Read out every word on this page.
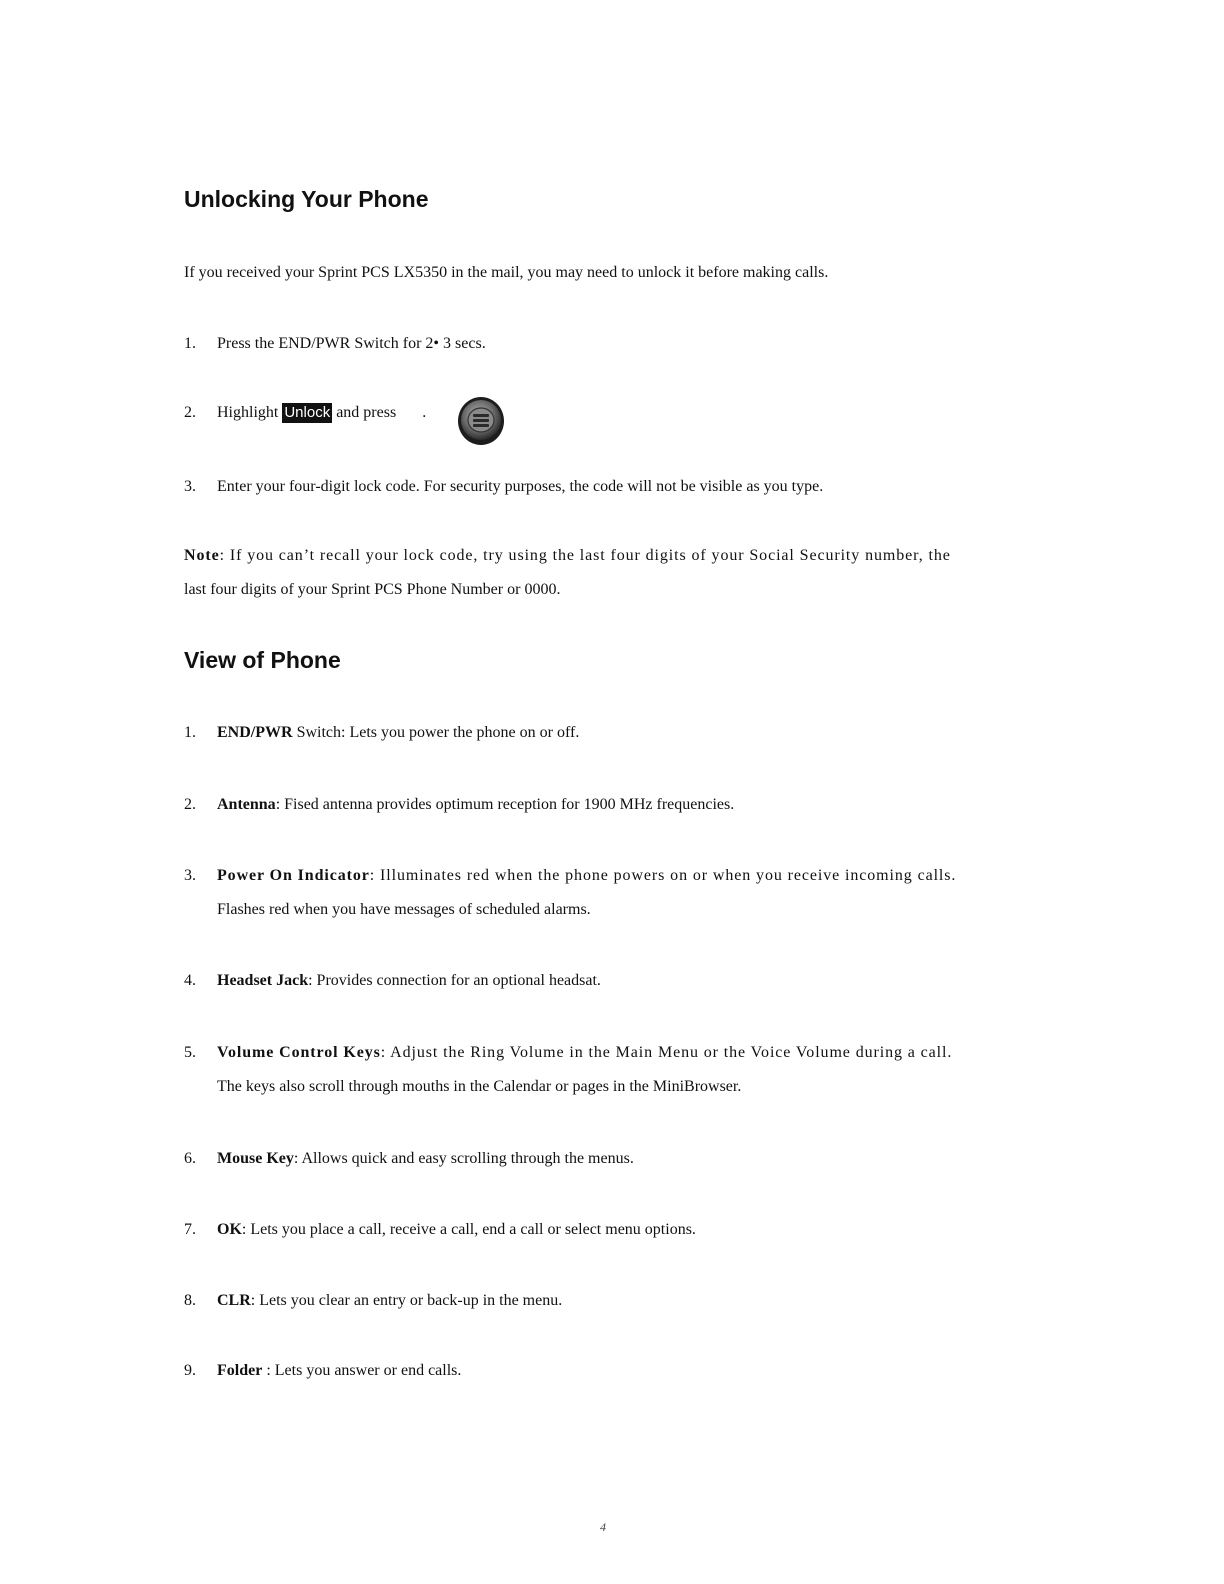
Unlocking Your Phone

If you received your Sprint PCS LX5350 in the mail, you may need to unlock it before making calls.

1. Press the END/PWR Switch for 2• 3 secs.
2. Highlight Unlock and press .
3. Enter your four-digit lock code. For security purposes, the code will not be visible as you type.
Note: If you can’t recall your lock code, try using the last four digits of your Social Security number, the
last four digits of your Sprint PCS Phone Number or 0000.
View of Phone
1. END/PWR Switch: Lets you power the phone on or off.
2. Antenna: Fised antenna provides optimum reception for 1900 MHz frequencies.
3. Power On Indicator: Illuminates red when the phone powers on or when you receive incoming calls.
Flashes red when you have messages of scheduled alarms.
4. Headset Jack: Provides connection for an optional headsat.
5. Volume Control Keys: Adjust the Ring Volume in the Main Menu or the Voice Volume during a call.
The keys also scroll through mouths in the Calendar or pages in the MiniBrowser.
6. Mouse Key: Allows quick and easy scrolling through the menus.
7. OK: Lets you place a call, receive a call, end a call or select menu options.
8. CLR: Lets you clear an entry or back-up in the menu.
9. Folder : Lets you answer or end calls.
4
